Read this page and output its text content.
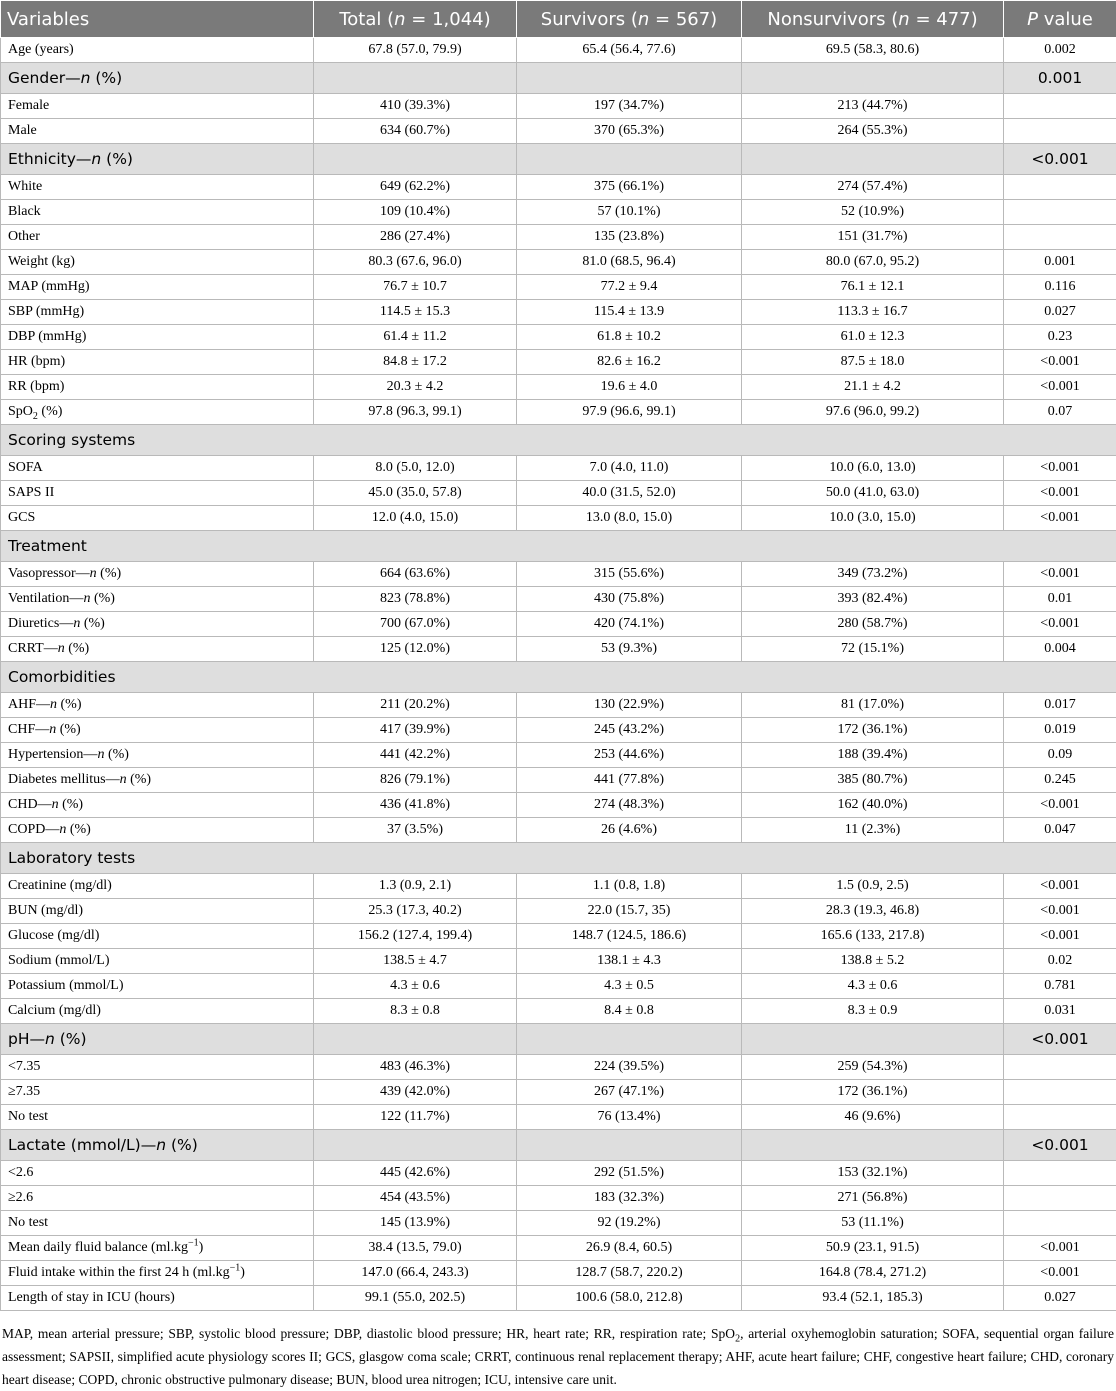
Variables	Total (n = 1,044)	Survivors (n = 567)	Nonsurvivors (n = 477)	P value
Age (years)	67.8 (57.0, 79.9)	65.4 (56.4, 77.6)	69.5 (58.3, 80.6)	0.002
Gender—n (%)				0.001
Female	410 (39.3%)	197 (34.7%)	213 (44.7%)	
Male	634 (60.7%)	370 (65.3%)	264 (55.3%)	
Ethnicity—n (%)				<0.001
White	649 (62.2%)	375 (66.1%)	274 (57.4%)	
Black	109 (10.4%)	57 (10.1%)	52 (10.9%)	
Other	286 (27.4%)	135 (23.8%)	151 (31.7%)	
Weight (kg)	80.3 (67.6, 96.0)	81.0 (68.5, 96.4)	80.0 (67.0, 95.2)	0.001
MAP (mmHg)	76.7 ± 10.7	77.2 ± 9.4	76.1 ± 12.1	0.116
SBP (mmHg)	114.5 ± 15.3	115.4 ± 13.9	113.3 ± 16.7	0.027
DBP (mmHg)	61.4 ± 11.2	61.8 ± 10.2	61.0 ± 12.3	0.23
HR (bpm)	84.8 ± 17.2	82.6 ± 16.2	87.5 ± 18.0	<0.001
RR (bpm)	20.3 ± 4.2	19.6 ± 4.0	21.1 ± 4.2	<0.001
SpO$_2$ (%)	97.8 (96.3, 99.1)	97.9 (96.6, 99.1)	97.6 (96.0, 99.2)	0.07
Scoring systems				
SOFA	8.0 (5.0, 12.0)	7.0 (4.0, 11.0)	10.0 (6.0, 13.0)	<0.001
SAPS II	45.0 (35.0, 57.8)	40.0 (31.5, 52.0)	50.0 (41.0, 63.0)	<0.001
GCS	12.0 (4.0, 15.0)	13.0 (8.0, 15.0)	10.0 (3.0, 15.0)	<0.001
Treatment				
Vasopressor—n (%)	664 (63.6%)	315 (55.6%)	349 (73.2%)	<0.001
Ventilation—n (%)	823 (78.8%)	430 (75.8%)	393 (82.4%)	0.01
Diuretics—n (%)	700 (67.0%)	420 (74.1%)	280 (58.7%)	<0.001
CRRT—n (%)	125 (12.0%)	53 (9.3%)	72 (15.1%)	0.004
Comorbidities				
AHF—n (%)	211 (20.2%)	130 (22.9%)	81 (17.0%)	0.017
CHF—n (%)	417 (39.9%)	245 (43.2%)	172 (36.1%)	0.019
Hypertension—n (%)	441 (42.2%)	253 (44.6%)	188 (39.4%)	0.09
Diabetes mellitus—n (%)	826 (79.1%)	441 (77.8%)	385 (80.7%)	0.245
CHD—n (%)	436 (41.8%)	274 (48.3%)	162 (40.0%)	<0.001
COPD—n (%)	37 (3.5%)	26 (4.6%)	11 (2.3%)	0.047
Laboratory tests				
Creatinine (mg/dl)	1.3 (0.9, 2.1)	1.1 (0.8, 1.8)	1.5 (0.9, 2.5)	<0.001
BUN (mg/dl)	25.3 (17.3, 40.2)	22.0 (15.7, 35)	28.3 (19.3, 46.8)	<0.001
Glucose (mg/dl)	156.2 (127.4, 199.4)	148.7 (124.5, 186.6)	165.6 (133, 217.8)	<0.001
Sodium (mmol/L)	138.5 ± 4.7	138.1 ± 4.3	138.8 ± 5.2	0.02
Potassium (mmol/L)	4.3 ± 0.6	4.3 ± 0.5	4.3 ± 0.6	0.781
Calcium (mg/dl)	8.3 ± 0.8	8.4 ± 0.8	8.3 ± 0.9	0.031
pH—n (%)				<0.001
<7.35	483 (46.3%)	224 (39.5%)	259 (54.3%)	
≥7.35	439 (42.0%)	267 (47.1%)	172 (36.1%)	
No test	122 (11.7%)	76 (13.4%)	46 (9.6%)	
Lactate (mmol/L)—n (%)				<0.001
<2.6	445 (42.6%)	292 (51.5%)	153 (32.1%)	
≥2.6	454 (43.5%)	183 (32.3%)	271 (56.8%)	
No test	145 (13.9%)	92 (19.2%)	53 (11.1%)	
Mean daily fluid balance $(ml.kg^{-1})$	38.4 (13.5, 79.0)	26.9 (8.4, 60.5)	50.9 (23.1, 91.5)	<0.001
Fluid intake within the first 24 h $(ml.kg^{-1})$	147.0 (66.4, 243.3)	128.7 (58.7, 220.2)	164.8 (78.4, 271.2)	<0.001
Length of stay in ICU (hours)	99.1 (55.0, 202.5)	100.6 (58.0, 212.8)	93.4 (52.1, 185.3)	0.027
MAP, mean arterial pressure; SBP, systolic blood pressure; DBP, diastolic blood pressure; HR, heart rate; RR, respiration rate; SpO$_2$, arterial oxyhemoglobin saturation; SOFA, sequential organ failure assessment; SAPSII, simplified acute physiology scores II; GCS, glasgow coma scale; CRRT, continuous renal replacement therapy; AHF, acute heart failure; CHF, congestive heart failure; CHD, coronary heart disease; COPD, chronic obstructive pulmonary disease; BUN, blood urea nitrogen; ICU, intensive care unit.
